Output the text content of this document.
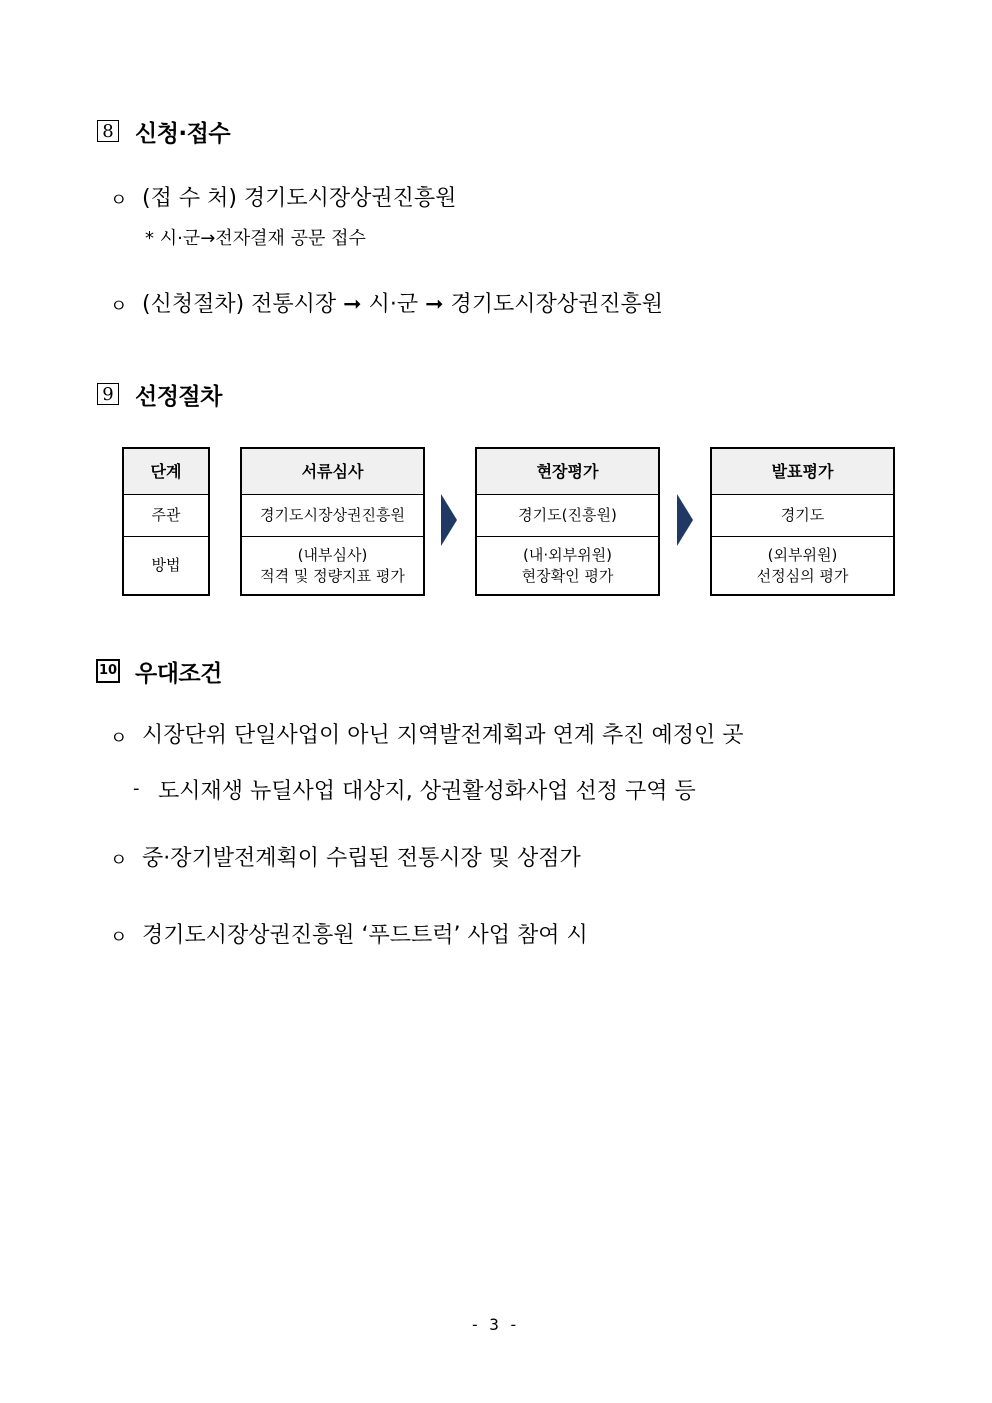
8 신청·접수
ㅇ (접 수 처) 경기도시장상권진흥원
* 시·군→전자결재 공문 접수
ㅇ (신청절차) 전통시장 ➞ 시·군 ➞ 경기도시장상권진흥원
9 선정절차
단계
주관
방법
서류심사
경기도시장상권진흥원
(내부심사)
적격 및 정량지표 평가
현장평가
경기도(진흥원)
(내·외부위원)
현장확인 평가
발표평가
경기도
(외부위원)
선정심의 평가
10 우대조건
ㅇ 시장단위 단일사업이 아닌 지역발전계획과 연계 추진 예정인 곳
- 도시재생 뉴딜사업 대상지, 상권활성화사업 선정 구역 등
ㅇ 중·장기발전계획이 수립된 전통시장 및 상점가
ㅇ 경기도시장상권진흥원 ‘푸드트럭’ 사업 참여 시
- 3 -
